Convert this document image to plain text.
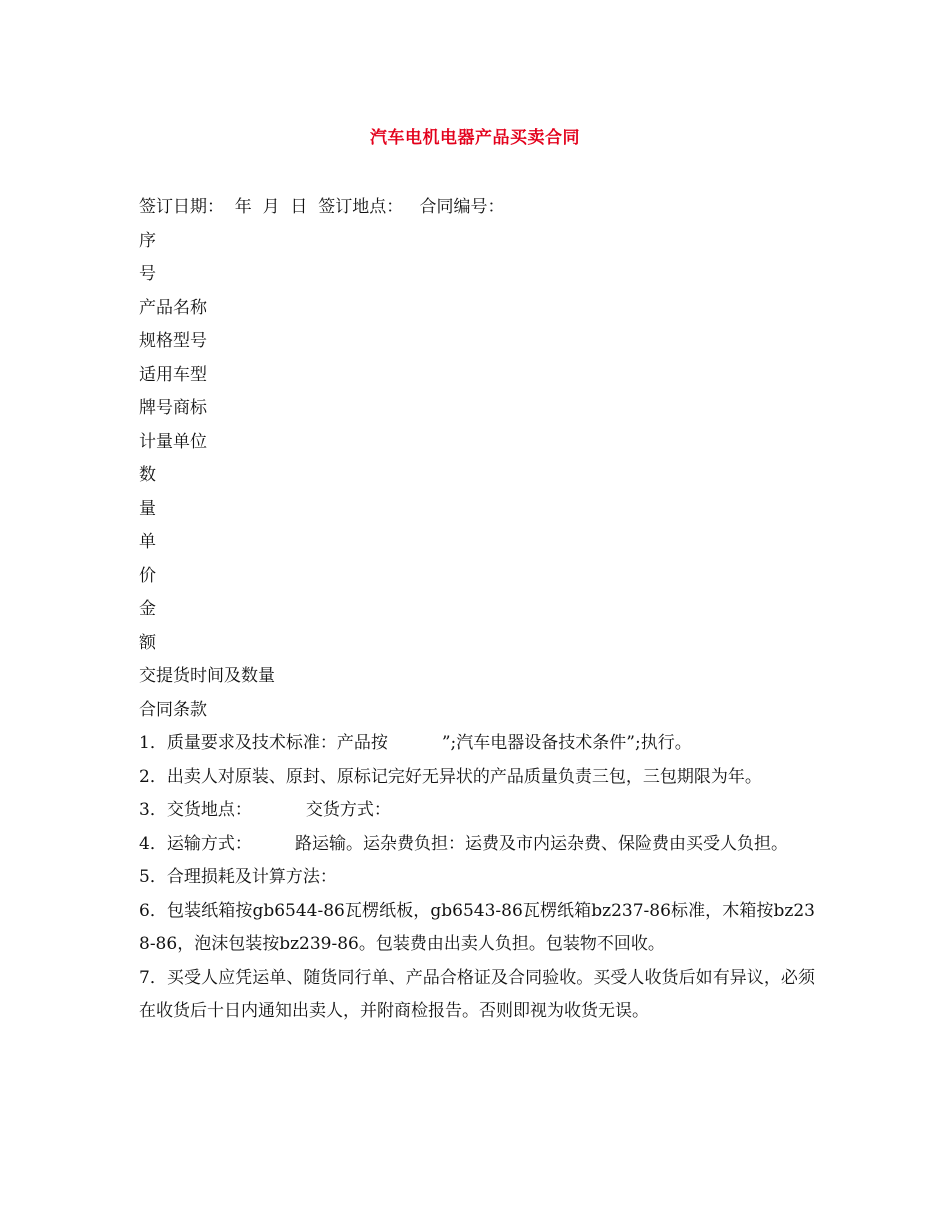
汽车电机电器产品买卖合同
签订日期：  年  月  日  签订地点：   合同编号：
序
号
产品名称
规格型号
适用车型
牌号商标
计量单位
数
量
单
价
金
额
交提货时间及数量
合同条款
1．质量要求及技术标准：产品按          ”;汽车电器设备技术条件”;执行。
2．出卖人对原装、原封、原标记完好无异状的产品质量负责三包，三包期限为年。
3．交货地点：          交货方式：
4．运输方式：        路运输。运杂费负担：运费及市内运杂费、保险费由买受人负担。
5．合理损耗及计算方法：
6．包装纸箱按gb6544-86瓦楞纸板，gb6543-86瓦楞纸箱bz237-86标准，木箱按bz238-86，泡沫包装按bz239-86。包装费由出卖人负担。包装物不回收。
7．买受人应凭运单、随货同行单、产品合格证及合同验收。买受人收货后如有异议，必须在收货后十日内通知出卖人，并附商检报告。否则即视为收货无误。
